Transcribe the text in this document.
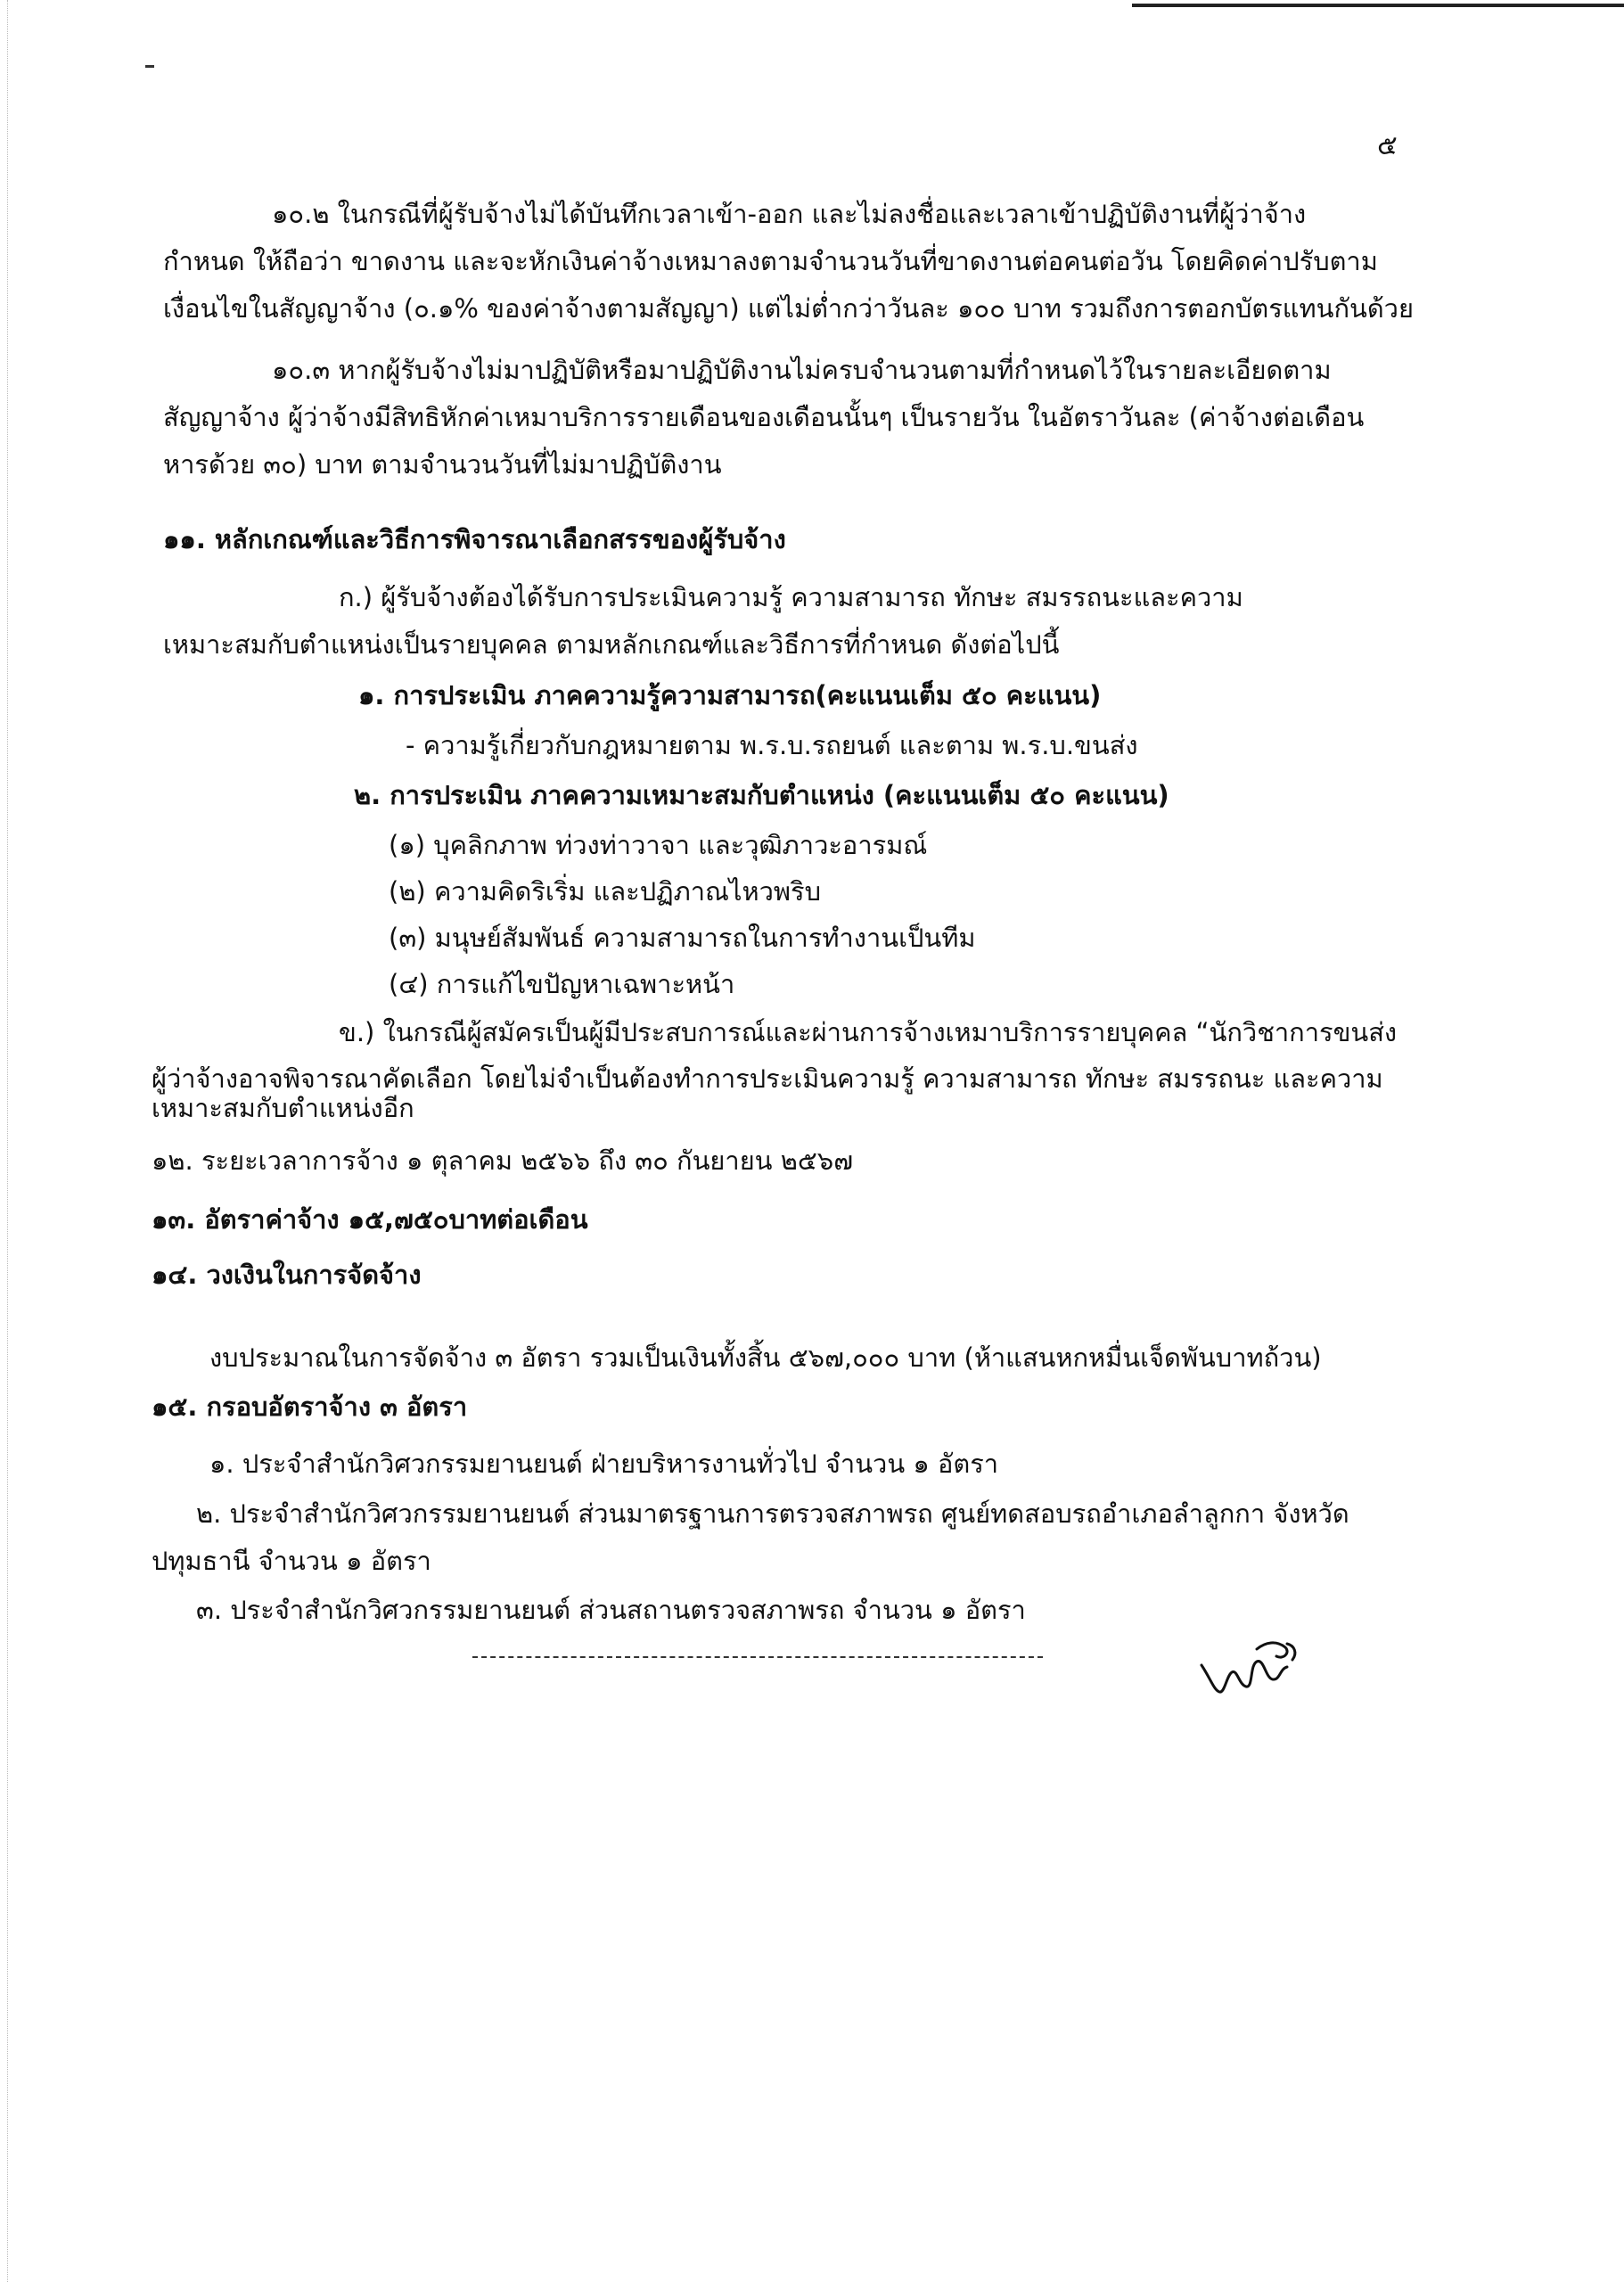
๕
๑๐.๒ ในกรณีที่ผู้รับจ้างไม่ได้บันทึกเวลาเข้า-ออก และไม่ลงชื่อและเวลาเข้าปฏิบัติงานที่ผู้ว่าจ้าง
กำหนด ให้ถือว่า ขาดงาน และจะหักเงินค่าจ้างเหมาลงตามจำนวนวันที่ขาดงานต่อคนต่อวัน โดยคิดค่าปรับตาม
เงื่อนไขในสัญญาจ้าง (๐.๑% ของค่าจ้างตามสัญญา) แต่ไม่ต่ำกว่าวันละ ๑๐๐ บาท รวมถึงการตอกบัตรแทนกันด้วย
๑๐.๓ หากผู้รับจ้างไม่มาปฏิบัติหรือมาปฏิบัติงานไม่ครบจำนวนตามที่กำหนดไว้ในรายละเอียดตาม
สัญญาจ้าง ผู้ว่าจ้างมีสิทธิหักค่าเหมาบริการรายเดือนของเดือนนั้นๆ เป็นรายวัน ในอัตราวันละ (ค่าจ้างต่อเดือน
หารด้วย ๓๐) บาท ตามจำนวนวันที่ไม่มาปฏิบัติงาน
๑๑. หลักเกณฑ์และวิธีการพิจารณาเลือกสรรของผู้รับจ้าง
ก.) ผู้รับจ้างต้องได้รับการประเมินความรู้ ความสามารถ ทักษะ สมรรถนะและความ
เหมาะสมกับตำแหน่งเป็นรายบุคคล ตามหลักเกณฑ์และวิธีการที่กำหนด ดังต่อไปนี้
๑. การประเมิน ภาคความรู้ความสามารถ(คะแนนเต็ม ๕๐ คะแนน)
- ความรู้เกี่ยวกับกฎหมายตาม พ.ร.บ.รถยนต์ และตาม พ.ร.บ.ขนส่ง
๒. การประเมิน ภาคความเหมาะสมกับตำแหน่ง (คะแนนเต็ม ๕๐ คะแนน)
(๑) บุคลิกภาพ ท่วงท่าวาจา และวุฒิภาวะอารมณ์
(๒) ความคิดริเริ่ม และปฏิภาณไหวพริบ
(๓) มนุษย์สัมพันธ์ ความสามารถในการทำงานเป็นทีม
(๔) การแก้ไขปัญหาเฉพาะหน้า
ข.) ในกรณีผู้สมัครเป็นผู้มีประสบการณ์และผ่านการจ้างเหมาบริการรายบุคคล “นักวิชาการขนส่ง
ผู้ว่าจ้างอาจพิจารณาคัดเลือก โดยไม่จำเป็นต้องทำการประเมินความรู้ ความสามารถ ทักษะ สมรรถนะ และความ
เหมาะสมกับตำแหน่งอีก
๑๒. ระยะเวลาการจ้าง ๑ ตุลาคม ๒๕๖๖ ถึง ๓๐ กันยายน ๒๕๖๗
๑๓. อัตราค่าจ้าง ๑๕,๗๕๐บาทต่อเดือน
๑๔. วงเงินในการจัดจ้าง
งบประมาณในการจัดจ้าง ๓ อัตรา รวมเป็นเงินทั้งสิ้น ๕๖๗,๐๐๐ บาท (ห้าแสนหกหมื่นเจ็ดพันบาทถ้วน)
๑๕. กรอบอัตราจ้าง ๓ อัตรา
๑. ประจำสำนักวิศวกรรมยานยนต์ ฝ่ายบริหารงานทั่วไป จำนวน ๑ อัตรา
๒. ประจำสำนักวิศวกรรมยานยนต์ ส่วนมาตรฐานการตรวจสภาพรถ ศูนย์ทดสอบรถอำเภอลำลูกกา จังหวัด
ปทุมธานี จำนวน ๑ อัตรา
๓. ประจำสำนักวิศวกรรมยานยนต์ ส่วนสถานตรวจสภาพรถ จำนวน ๑ อัตรา
